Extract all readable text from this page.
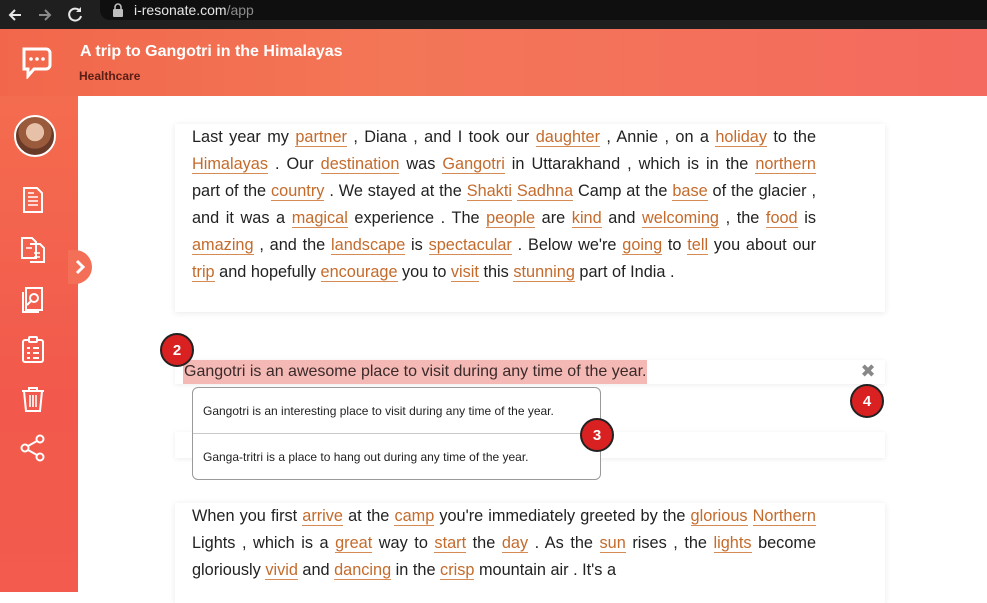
i-resonate.com /app
A trip to Gangotri in the Himalayas
Healthcare
Last year my partner , Diana , and I took our daughter , Annie , on a holiday to the Himalayas . Our destination was Gangotri in Uttarakhand , which is in the northern part of the country . We stayed at the Shakti Sadhna Camp at the base of the glacier , and it was a magical experience . The people are kind and welcoming , the food is amazing , and the landscape is spectacular . Below we're going to tell you about our trip and hopefully encourage you to visit this stunning part of India .
Gangotri is an awesome place to visit during any time of the year.	✖
Gangotri is an interesting place to visit during any time of the year.
Ganga-tritri is a place to hang out during any time of the year.
When you first arrive at the camp you're immediately greeted by the glorious Northern Lights , which is a great way to start the day . As the sun rises , the lights become gloriously vivid and dancing in the crisp mountain air . It's a
2
3
4
